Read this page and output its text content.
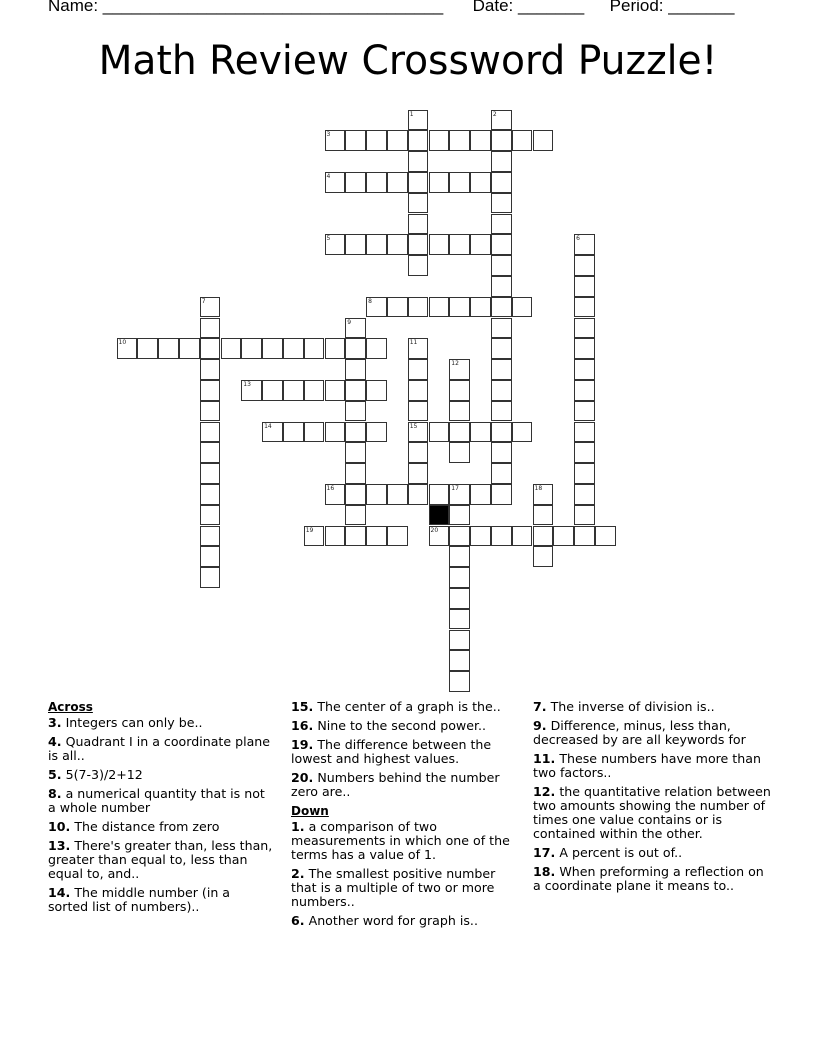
Name: ____________________________________ Date: _______ Period: _______
Math Review Crossword Puzzle!
1	2
3
4
5	6
7	8
9
10	11
15
12
13
14
16	17	18
19	20
Across
3. Integers can only be..
4. Quadrant I in a coordinate plane is all..
5. 5(7-3)/2+12
8. a numerical quantity that is not a whole number
10. The distance from zero
13. There's greater than, less than, greater than equal to, less than equal to, and..
14. The middle number (in a sorted list of numbers)..
15. The center of a graph is the..
16. Nine to the second power..
19. The difference between the lowest and highest values.
20. Numbers behind the number zero are..
Down
1. a comparison of two measurements in which one of the terms has a value of 1.
2. The smallest positive number that is a multiple of two or more numbers..
6. Another word for graph is..
7. The inverse of division is..
9. Difference, minus, less than, decreased by are all keywords for
11. These numbers have more than two factors..
12. the quantitative relation between two amounts showing the number of times one value contains or is contained within the other.
17. A percent is out of..
18. When preforming a reflection on a coordinate plane it means to..
